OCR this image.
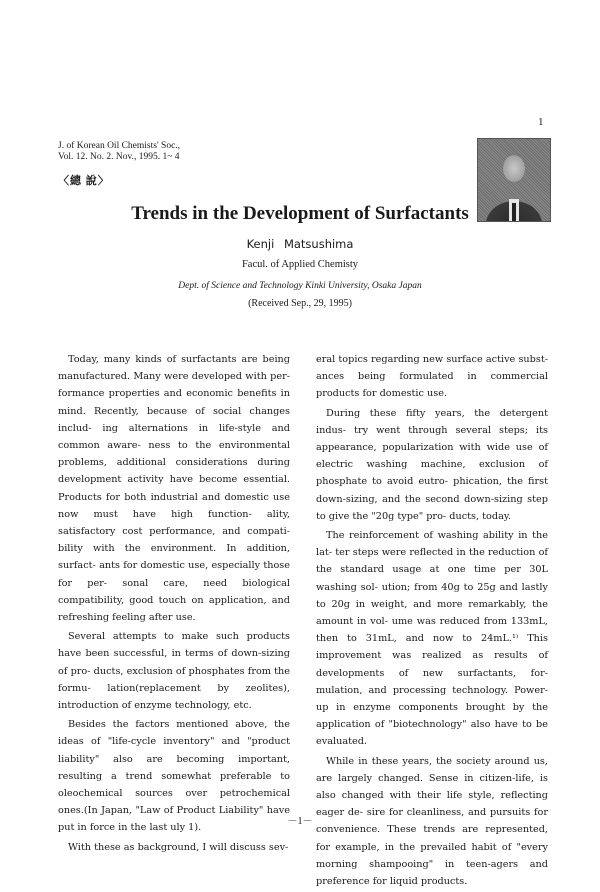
1
J. of Korean Oil Chemists' Soc.,
Vol. 12. No. 2. Nov., 1995. 1~ 4
〈總 說〉
Trends in the Development of Surfactants
Kenji Matsushima
Facul. of Applied Chemisty
Dept. of Science and Technology Kinki University, Osaka Japan
(Received Sep., 29, 1995)

Today, many kinds of surfactants are being manufactured. Many were developed with per- formance properties and economic benefits in mind. Recently, because of social changes includ- ing alternations in life-style and common aware- ness to the environmental problems, additional considerations during development activity have become essential. Products for both industrial and domestic use now must have high function- ality, satisfactory cost performance, and compati- bility with the environment. In addition, surfact- ants for domestic use, especially those for per- sonal care, need biological compatibility, good touch on application, and refreshing feeling after use.

Several attempts to make such products have been successful, in terms of down-sizing of pro- ducts, exclusion of phosphates from the formu- lation(replacement by zeolites), introduction of enzyme technology, etc.

Besides the factors mentioned above, the ideas of "life-cycle inventory" and "product liability" also are becoming important, resulting a trend somewhat preferable to oleochemical sources over petrochemical ones.(In Japan, "Law of Product Liability" have put in force in the last uly 1).

With these as background, I will discuss sev-

eral topics regarding new surface active subst- ances being formulated in commercial products for domestic use.

During these fifty years, the detergent indus- try went through several steps; its appearance, popularization with wide use of electric washing machine, exclusion of phosphate to avoid eutro- phication, the first down-sizing, and the second down-sizing step to give the "20g type" pro- ducts, today.

The reinforcement of washing ability in the lat- ter steps were reflected in the reduction of the standard usage at one time per 30L washing sol- ution; from 40g to 25g and lastly to 20g in weight, and more remarkably, the amount in vol- ume was reduced from 133mL, then to 31mL, and now to 24mL.¹⁾ This improvement was realized as results of developments of new surfactants, for- mulation, and processing technology. Power-up in enzyme components brought by the application of "biotechnology" also have to be evaluated.

While in these years, the society around us, are largely changed. Sense in citizen-life, is also changed with their life style, reflecting eager de- sire for cleanliness, and pursuits for convenience. These trends are represented, for example, in the prevailed habit of "every morning shampooing" in teen-agers and preference for liquid products.

－1－
